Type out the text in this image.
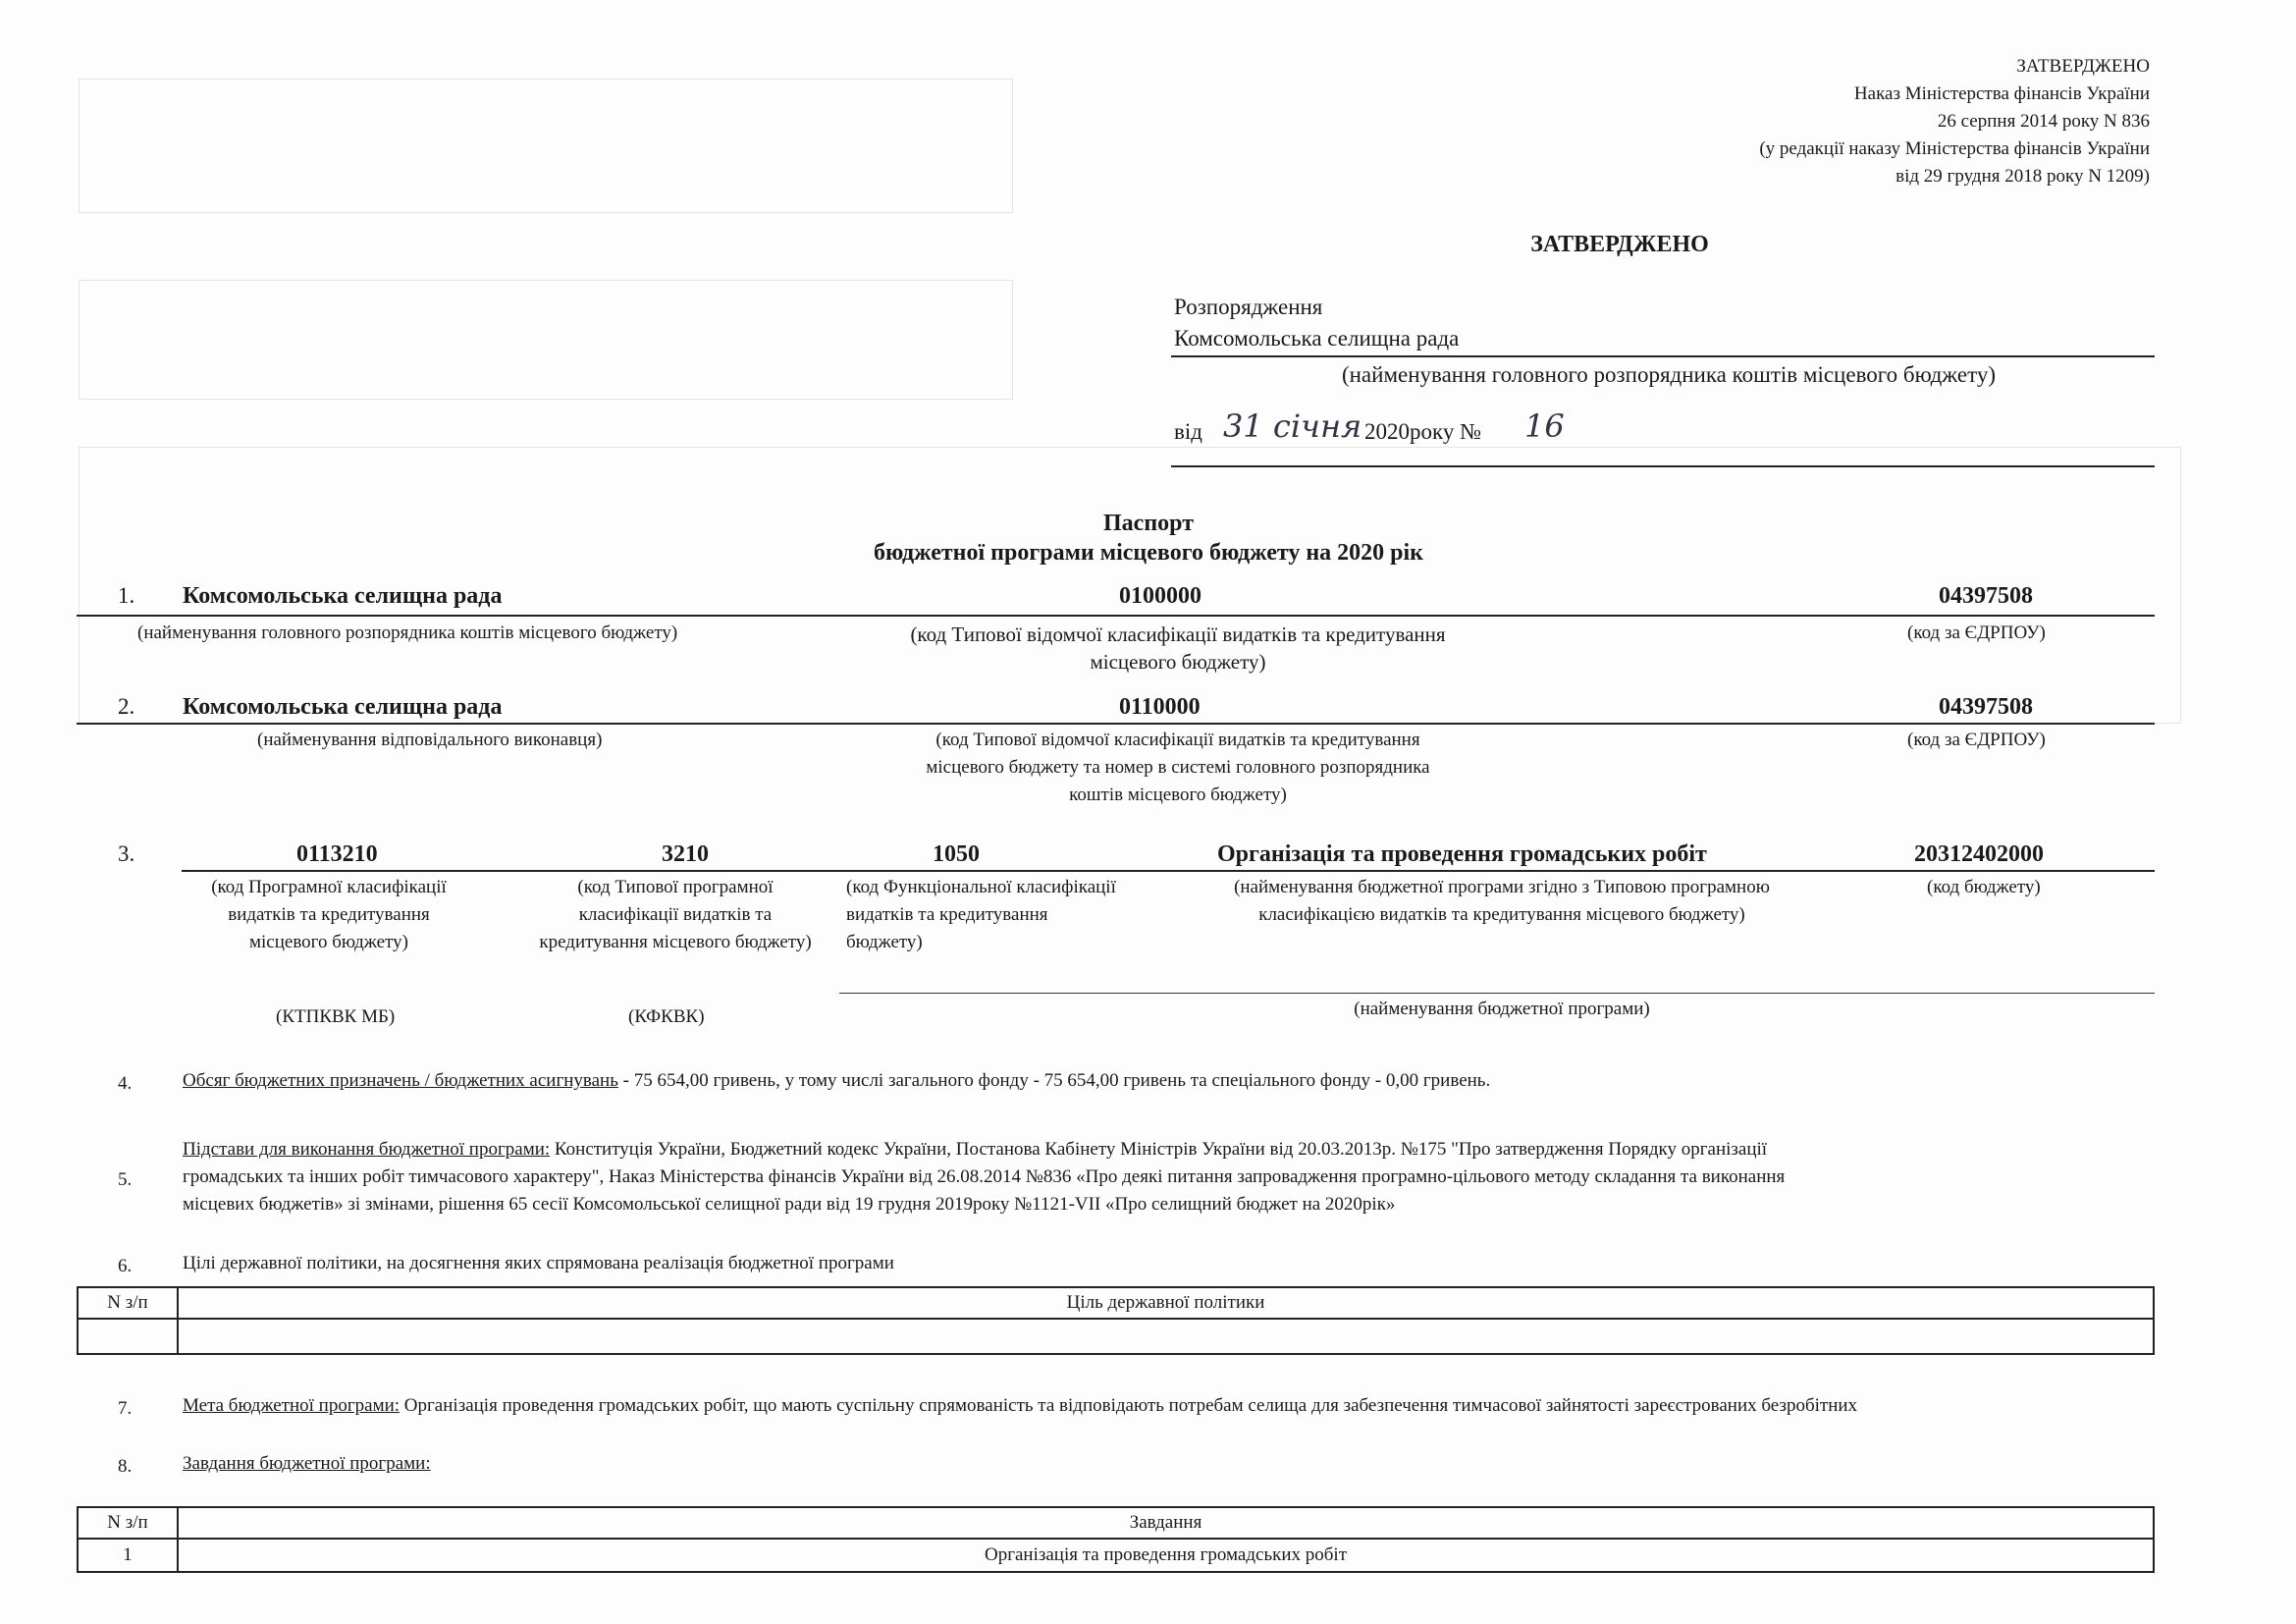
ЗАТВЕРДЖЕНО
Наказ Міністерства фінансів України
26 серпня 2014 року N 836
(у редакції наказу Міністерства фінансів України
від 29 грудня 2018 року N 1209)
ЗАТВЕРДЖЕНО
Розпорядження
Комсомольська селищна рада
(найменування головного розпорядника коштів місцевого бюджету)
від 31 січня 2020року № 16
Паспорт
бюджетної програми місцевого бюджету на 2020 рік
1. Комсомольська селищна рада	0100000	04397508
(найменування головного розпорядника коштів місцевого бюджету)	(код Типової відомчої класифікації видатків та кредитування
місцевого бюджету)
(код за ЄДРПОУ)
2. Комсомольська селищна рада	0110000	04397508
(найменування відповідального виконавця)	(код Типової відомчої класифікації видатків та кредитування
місцевого бюджету та номер в системі головного розпорядника
коштів місцевого бюджету)
(код за ЄДРПОУ)
3.	0113210	3210	1050	Організація та проведення громадських робіт	20312402000
(код Програмної класифікації
видатків та кредитування
місцевого бюджету)
(код Типової програмної
класифікації видатків та
кредитування місцевого бюджету)
(код Функціональної класифікації
видатків та кредитування
бюджету)
(найменування бюджетної програми згідно з Типовою програмною
класифікацією видатків та кредитування місцевого бюджету)
(код бюджету)
(КТПКВК МБ)	(КФКВК)	(найменування бюджетної програми)
4.	Обсяг бюджетних призначень / бюджетних асигнувань - 75 654,00 гривень, у тому числі загального фонду - 75 654,00 гривень та спеціального фонду - 0,00 гривень.
5.
Підстави для виконання бюджетної програми: Конституція України, Бюджетний кодекс України, Постанова Кабінету Міністрів України від 20.03.2013р. №175 "Про затвердження Порядку організації
громадських та інших робіт тимчасового характеру", Наказ Міністерства фінансів України від 26.08.2014 №836 «Про деякі питання запровадження програмно-цільового методу складання та виконання
місцевих бюджетів» зі змінами, рішення 65 сесії Комсомольської селищної ради від 19 грудня 2019року №1121-VII «Про селищний бюджет на 2020рік»
6.	Цілі державної політики, на досягнення яких спрямована реалізація бюджетної програми
N з/п	Ціль державної політики

7.	Мета бюджетної програми: Організація проведення громадських робіт, що мають суспільну спрямованість та відповідають потребам селища для забезпечення тимчасової зайнятості зареєстрованих безробітних
8.	Завдання бюджетної програми:
N з/п	Завдання
1	Організація та проведення громадських робіт
